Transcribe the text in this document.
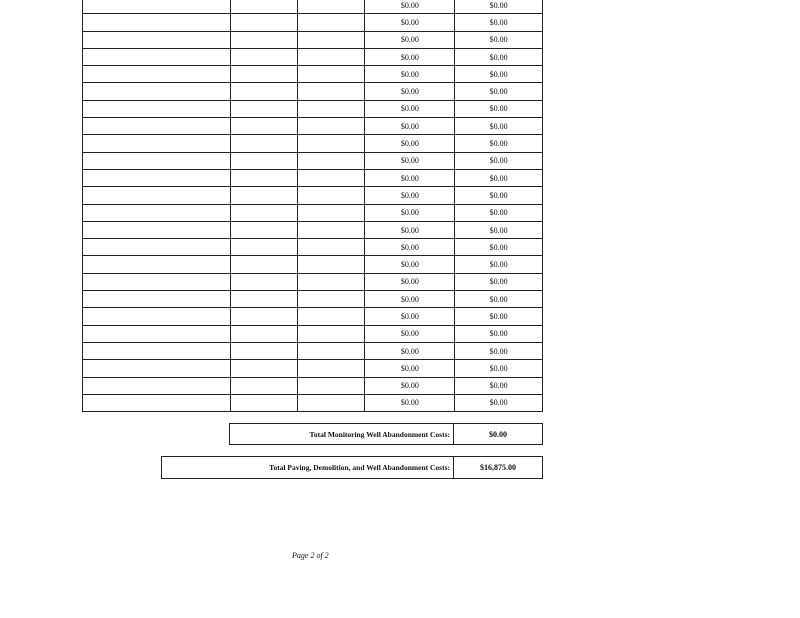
			$0.00	$0.00
			$0.00	$0.00
			$0.00	$0.00
			$0.00	$0.00
			$0.00	$0.00
			$0.00	$0.00
			$0.00	$0.00
			$0.00	$0.00
			$0.00	$0.00
			$0.00	$0.00
			$0.00	$0.00
			$0.00	$0.00
			$0.00	$0.00
			$0.00	$0.00
			$0.00	$0.00
			$0.00	$0.00
			$0.00	$0.00
			$0.00	$0.00
			$0.00	$0.00
			$0.00	$0.00
			$0.00	$0.00
			$0.00	$0.00
			$0.00	$0.00
			$0.00	$0.00
Total Monitoring Well Abandonment Costs:	$0.00
Total Paving, Demolition, and Well Abandonment Costs:	$16,875.00
Page 2 of 2
